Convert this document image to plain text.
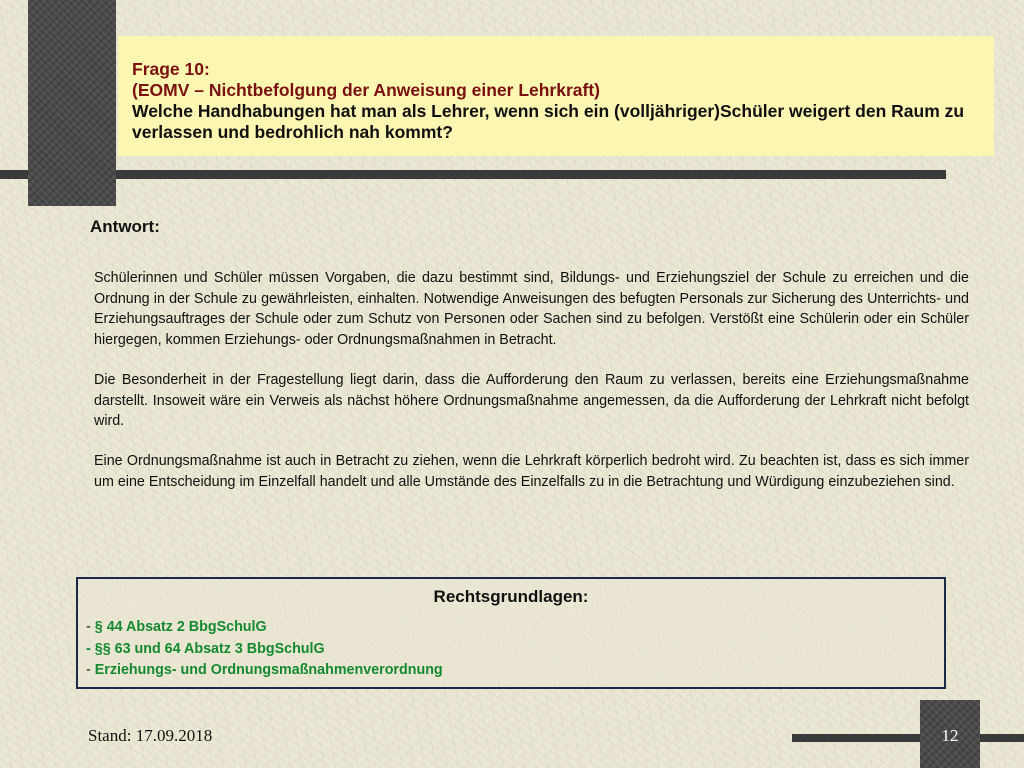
Frage 10:
(EOMV – Nichtbefolgung der Anweisung einer Lehrkraft)
Welche Handhabungen hat man als Lehrer, wenn sich ein (volljähriger)Schüler weigert den Raum zu verlassen und bedrohlich nah kommt?
Antwort:

Schülerinnen und Schüler müssen Vorgaben, die dazu bestimmt sind, Bildungs- und Erziehungsziel der Schule zu erreichen und die Ordnung in der Schule zu gewährleisten, einhalten. Notwendige Anweisungen des befugten Personals zur Sicherung des Unterrichts- und Erziehungsauftrages der Schule oder zum Schutz von Personen oder Sachen sind zu befolgen. Verstößt eine Schülerin oder ein Schüler hiergegen, kommen Erziehungs- oder Ordnungsmaßnahmen in Betracht.

Die Besonderheit in der Fragestellung liegt darin, dass die Aufforderung den Raum zu verlassen, bereits eine Erziehungsmaßnahme darstellt. Insoweit wäre ein Verweis als nächst höhere Ordnungsmaßnahme angemessen, da die Aufforderung der Lehrkraft nicht befolgt wird.

Eine Ordnungsmaßnahme ist auch in Betracht zu ziehen, wenn die Lehrkraft körperlich bedroht wird. Zu beachten ist, dass es sich immer um eine Entscheidung im Einzelfall handelt und alle Umstände des Einzelfalls zu in die Betrachtung und Würdigung einzubeziehen sind.

Rechtsgrundlagen:
- § 44 Absatz 2 BbgSchulG
- §§ 63 und 64 Absatz 3 BbgSchulG
- Erziehungs- und Ordnungsmaßnahmenverordnung
Stand: 17.09.2018	12
